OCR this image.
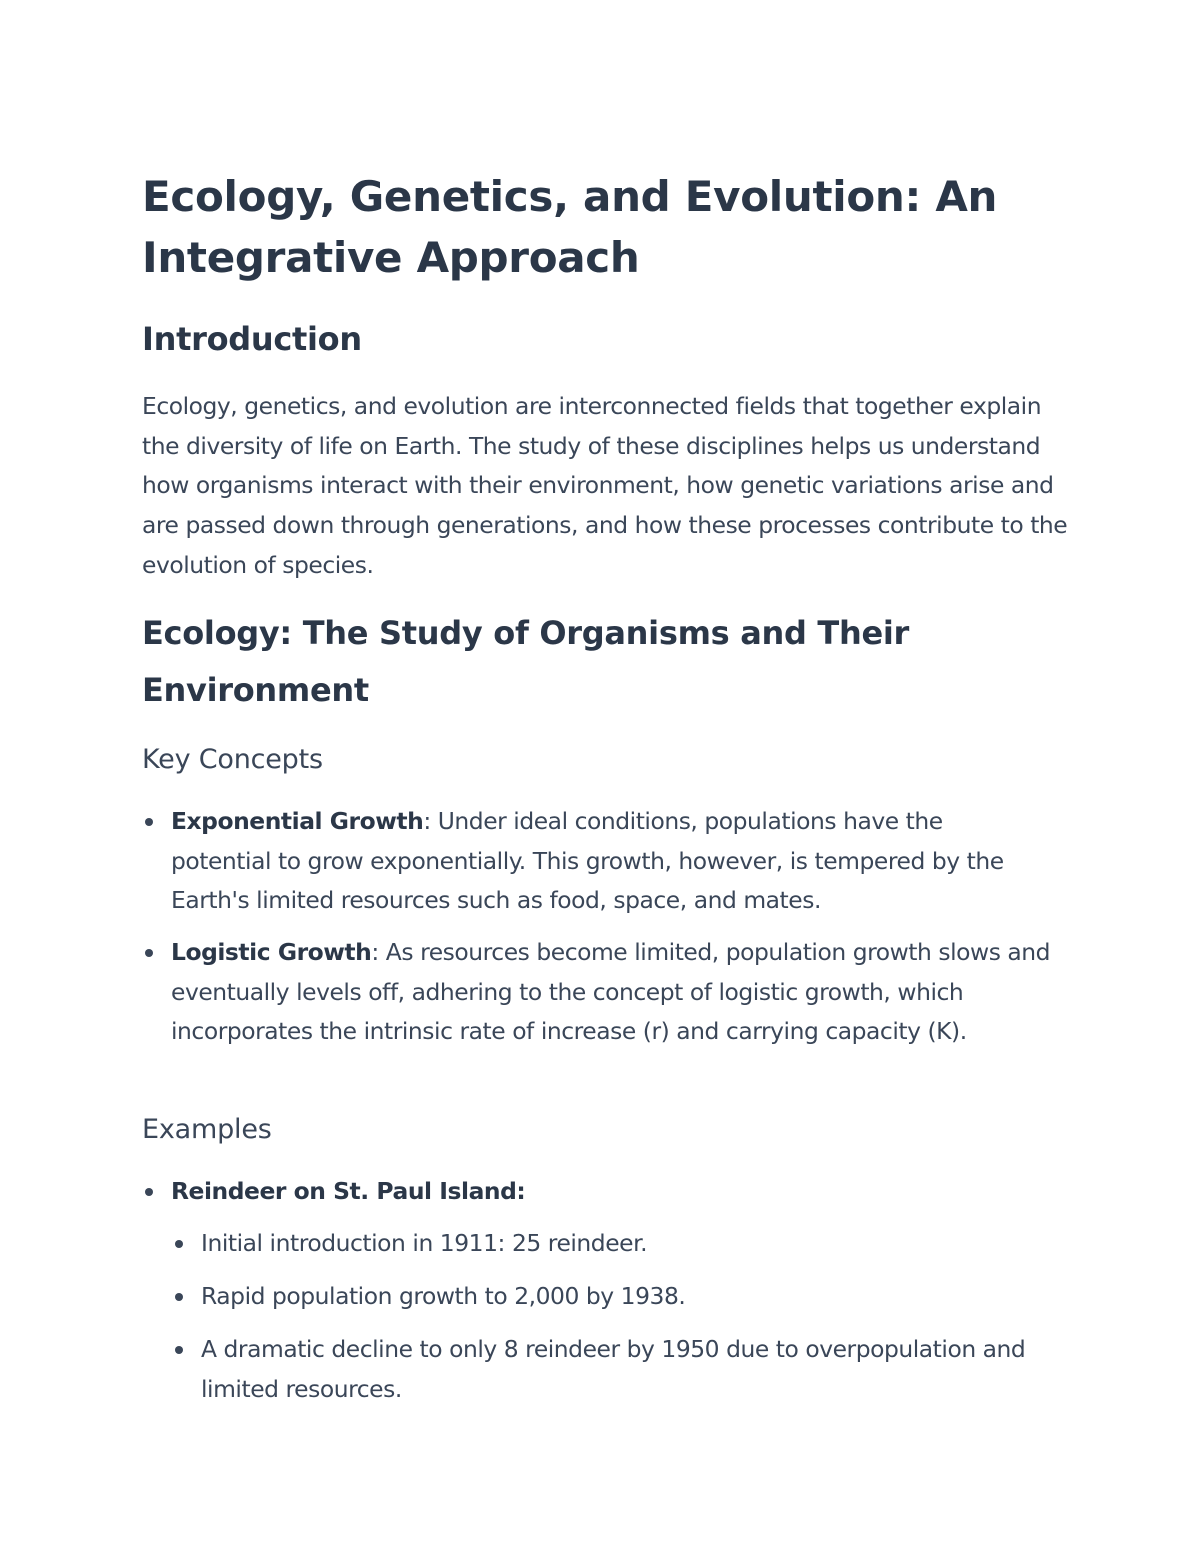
Ecology, Genetics, and Evolution: An Integrative Approach
Introduction

Ecology, genetics, and evolution are interconnected fields that together explain the diversity of life on Earth. The study of these disciplines helps us understand how organisms interact with their environment, how genetic variations arise and are passed down through generations, and how these processes contribute to the evolution of species.

Ecology: The Study of Organisms and Their Environment
Key Concepts
Exponential Growth: Under ideal conditions, populations have the potential to grow exponentially. This growth, however, is tempered by the Earth's limited resources such as food, space, and mates.
Logistic Growth: As resources become limited, population growth slows and eventually levels off, adhering to the concept of logistic growth, which incorporates the intrinsic rate of increase (r) and carrying capacity (K).
Examples
Reindeer on St. Paul Island:
Initial introduction in 1911: 25 reindeer.
Rapid population growth to 2,000 by 1938.
A dramatic decline to only 8 reindeer by 1950 due to overpopulation and limited resources.
